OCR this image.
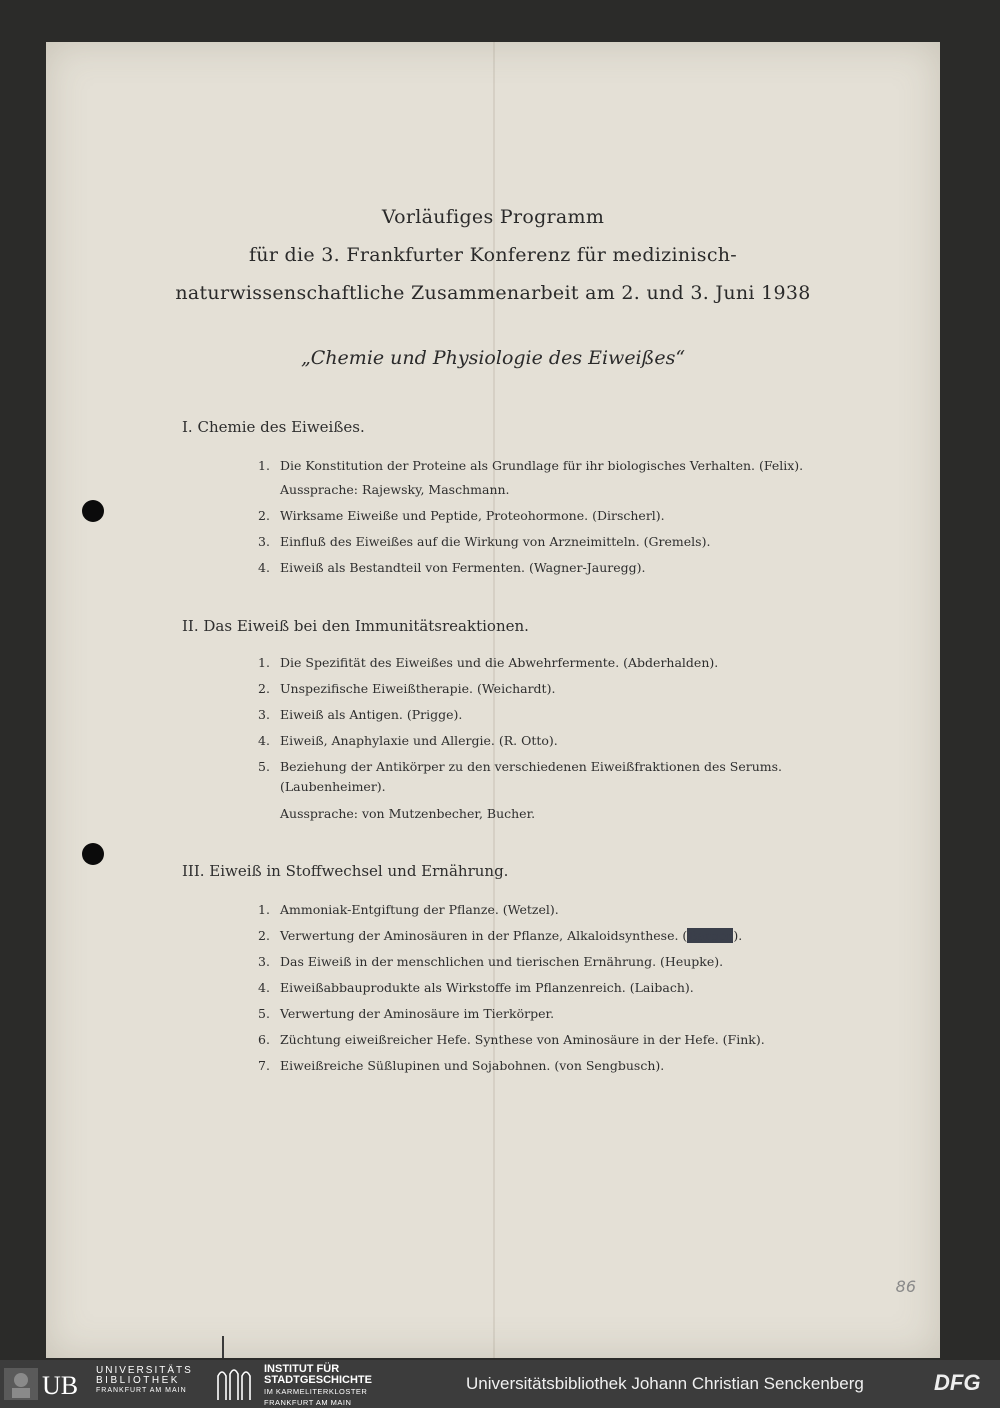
Vorläufiges Programm
für die 3. Frankfurter Konferenz für medizinisch-
naturwissenschaftliche Zusammenarbeit am 2. und 3. Juni 1938
„Chemie und Physiologie des Eiweißes“
I. Chemie des Eiweißes.
1. Die Konstitution der Proteine als Grundlage für ihr biologisches Verhalten. (Felix).
Aussprache: Rajewsky, Maschmann.
2. Wirksame Eiweiße und Peptide, Proteohormone. (Dirscherl).
3. Einfluß des Eiweißes auf die Wirkung von Arzneimitteln. (Gremels).
4. Eiweiß als Bestandteil von Fermenten. (Wagner-Jauregg).
II. Das Eiweiß bei den Immunitätsreaktionen.
1. Die Spezifität des Eiweißes und die Abwehrfermente. (Abderhalden).
2. Unspezifische Eiweißtherapie. (Weichardt).
3. Eiweiß als Antigen. (Prigge).
4. Eiweiß, Anaphylaxie und Allergie. (R. Otto).
5. Beziehung der Antikörper zu den verschiedenen Eiweißfraktionen des Serums.
(Laubenheimer).
Aussprache: von Mutzenbecher, Bucher.
III. Eiweiß in Stoffwechsel und Ernährung.
1. Ammoniak-Entgiftung der Pflanze. (Wetzel).
2. Verwertung der Aminosäuren in der Pflanze, Alkaloidsynthese. (Barger).
3. Das Eiweiß in der menschlichen und tierischen Ernährung. (Heupke).
4. Eiweißabbauprodukte als Wirkstoffe im Pflanzenreich. (Laibach).
5. Verwertung der Aminosäure im Tierkörper.
6. Züchtung eiweißreicher Hefe. Synthese von Aminosäure in der Hefe. (Fink).
7. Eiweißreiche Süßlupinen und Sojabohnen. (von Sengbusch).
86
UB
UNIVERSITÄTS
BIBLIOTHEK
FRANKFURT AM MAIN
INSTITUT FÜR
STADTGESCHICHTE
IM KARMELITERKLOSTER
FRANKFURT AM MAIN
Universitätsbibliothek Johann Christian Senckenberg	DFG
